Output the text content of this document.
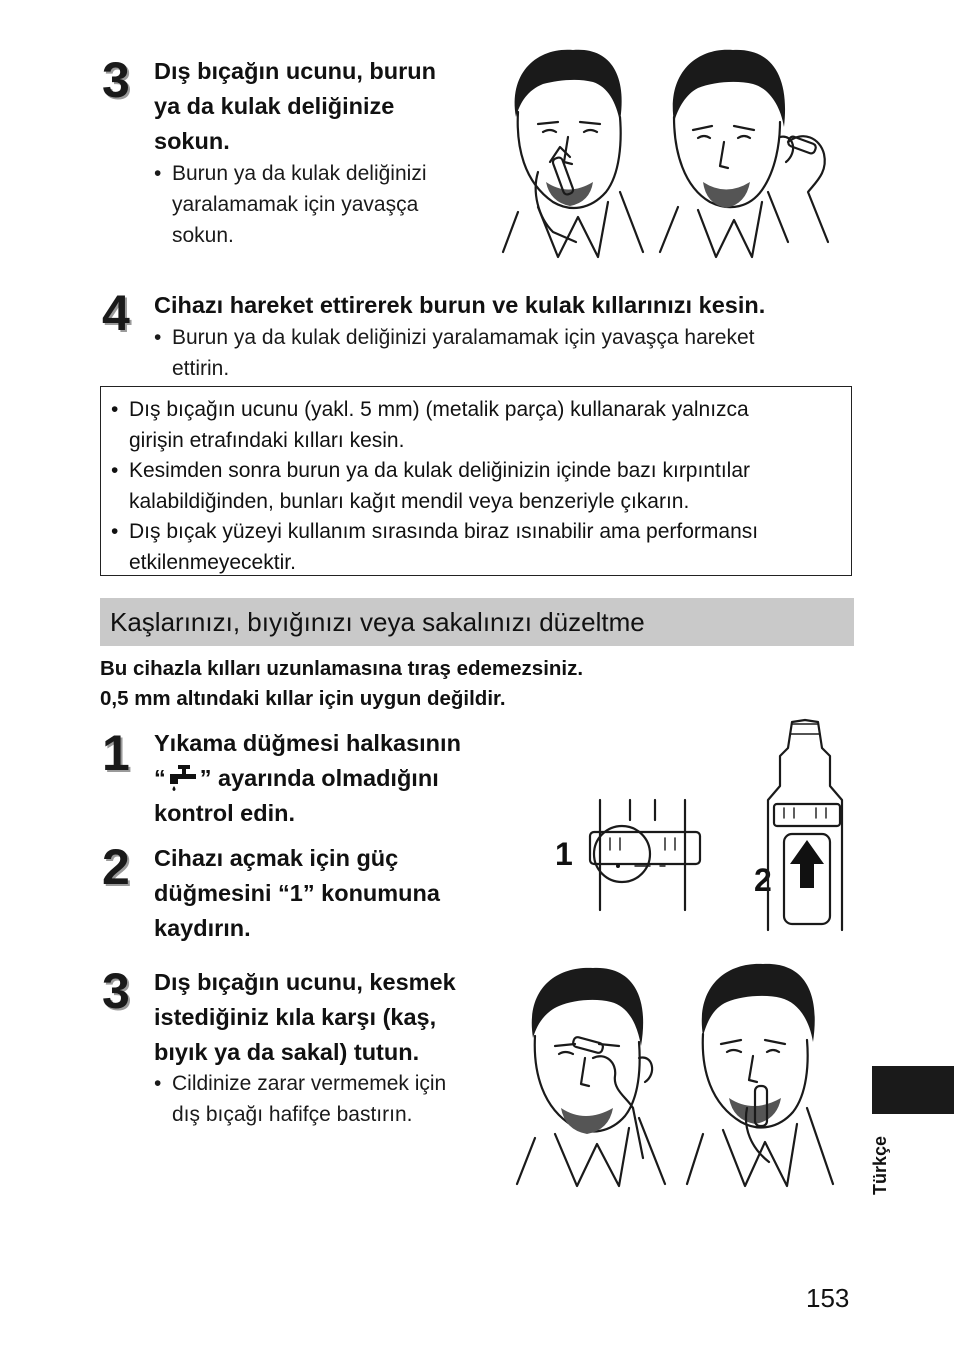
3 Dış bıçağın ucunu, burun
ya da kulak deliğinize
sokun.
• Burun ya da kulak deliğinizi
yaralamamak için yavaşça
sokun.
4 Cihazı hareket ettirerek burun ve kulak kıllarınızı kesin.
• Burun ya da kulak deliğinizi yaralamamak için yavaşça hareket
ettirin.
• Dış bıçağın ucunu (yakl. 5 mm) (metalik parça) kullanarak yalnızca
girişin etrafındaki kılları kesin.
• Kesimden sonra burun ya da kulak deliğinizin içinde bazı kırpıntılar
kalabildiğinden, bunları kağıt mendil veya benzeriyle çıkarın.
• Dış bıçak yüzeyi kullanım sırasında biraz ısınabilir ama performansı
etkilenmeyecektir.
Kaşlarınızı, bıyığınızı veya sakalınızı düzeltme
Bu cihazla kılları uzunlamasına tıraş edemezsiniz.
0,5 mm altındaki kıllar için uygun değildir.
1 Yıkama düğmesi halkasının
“ ” ayarında olmadığını
kontrol edin.
2 Cihazı açmak için güç
düğmesini “1” konumuna
kaydırın.
1
2
3 Dış bıçağın ucunu, kesmek
istediğiniz kıla karşı (kaş,
bıyık ya da sakal) tutun.
• Cildinize zarar vermemek için
dış bıçağı hafifçe bastırın.
Türkçe
153
